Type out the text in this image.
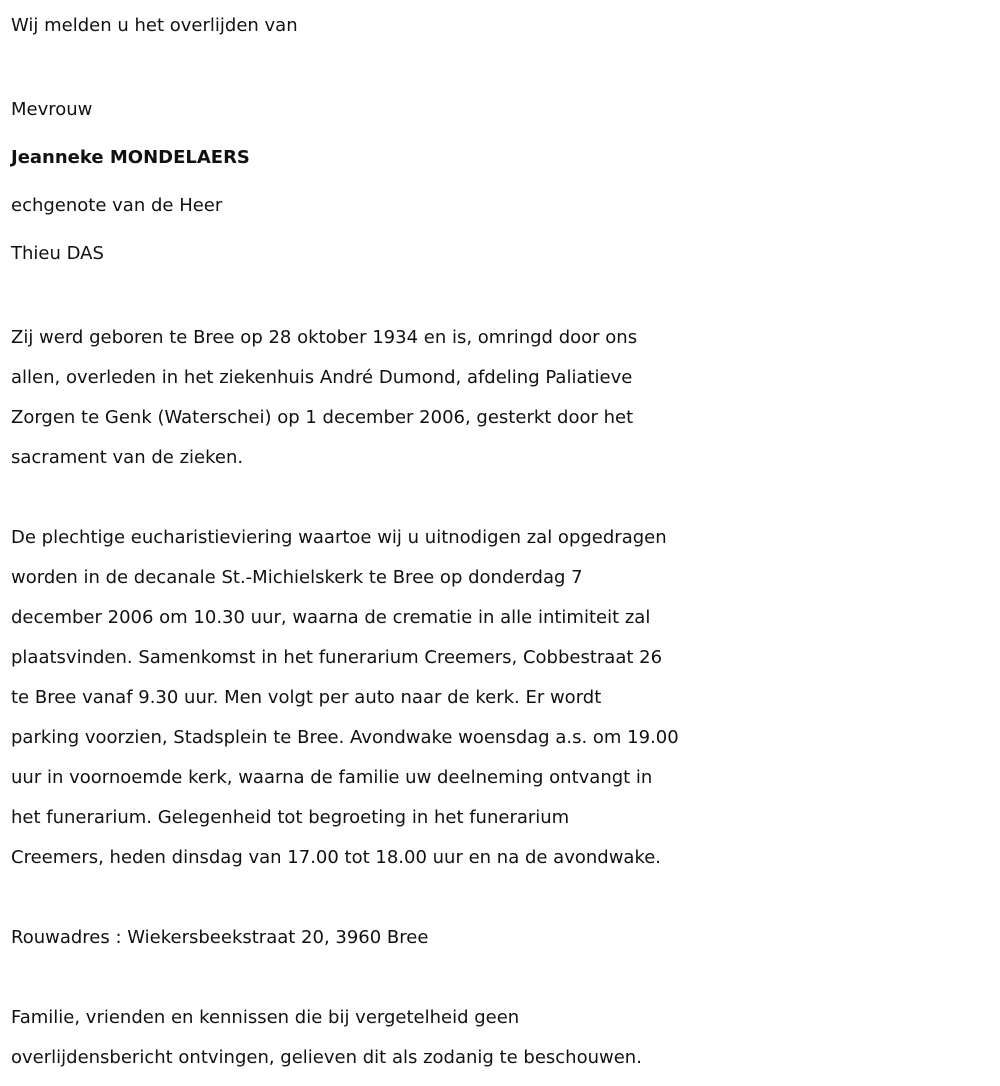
Wij melden u het overlijden van

Mevrouw

Jeanneke MONDELAERS

echgenote van de Heer

Thieu DAS

Zij werd geboren te Bree op 28 oktober 1934 en is, omringd door ons

allen, overleden in het ziekenhuis André Dumond, afdeling Paliatieve

Zorgen te Genk (Waterschei) op 1 december 2006, gesterkt door het

sacrament van de zieken.

De plechtige eucharistieviering waartoe wij u uitnodigen zal opgedragen

worden in de decanale St.-Michielskerk te Bree op donderdag 7

december 2006 om 10.30 uur, waarna de crematie in alle intimiteit zal

plaatsvinden. Samenkomst in het funerarium Creemers, Cobbestraat 26

te Bree vanaf 9.30 uur. Men volgt per auto naar de kerk. Er wordt

parking voorzien, Stadsplein te Bree. Avondwake woensdag a.s. om 19.00

uur in voornoemde kerk, waarna de familie uw deelneming ontvangt in

het funerarium. Gelegenheid tot begroeting in het funerarium

Creemers, heden dinsdag van 17.00 tot 18.00 uur en na de avondwake.

Rouwadres : Wiekersbeekstraat 20, 3960 Bree

Familie, vrienden en kennissen die bij vergetelheid geen

overlijdensbericht ontvingen, gelieven dit als zodanig te beschouwen.
